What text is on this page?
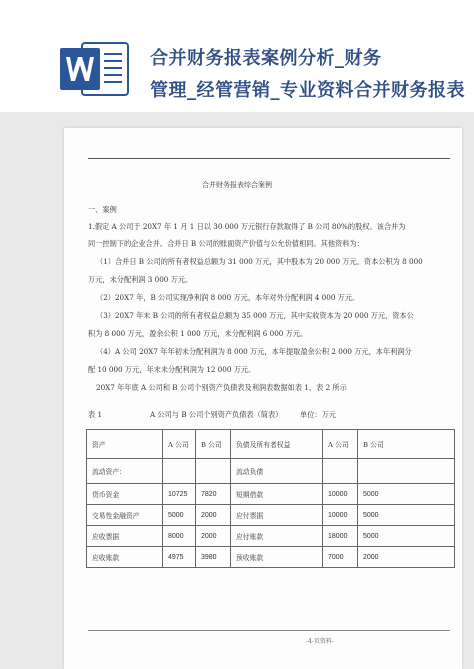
合并财务报表案例分析_财务
管理_经管营销_专业资料合并财务报表
合并财务报表综合案例
一、案例
1.假定 A 公司于 20X7 年 1 月 1 日以 30 000 万元银行存款取得了 B 公司 80%的股权。该合并为
同一控制下的企业合并。合并日 B 公司的账面资产价值与公允价值相同。其他资料为：
（1）合并日 B 公司的所有者权益总额为 31 000 万元，其中股本为 20 000 万元，资本公积为 8 000
万元，未分配利润 3 000 万元。
（2）20X7 年，B 公司实现净利润 8 000 万元，本年对外分配利润 4 000 万元。
（3）20X7 年末 B 公司的所有者权益总额为 35 000 万元，其中实收资本为 20 000 万元，资本公
积为 8 000 万元，盈余公积 1 000 万元，未分配利润 6 000 万元。
（4）A 公司 20X7 年年初未分配利润为 8 000 万元，本年提取盈余公积 2 000 万元，本年利润分
配 10 000 万元，年末未分配利润为 12 000 万元。
20X7 年年底 A 公司和 B 公司个别资产负债表及利润表数据如表 1、表 2 所示
表 1	A 公司与 B 公司个别资产负债表（简表） 单位：万元
资产	A 公司	B 公司	负债及所有者权益	A 公司	B 公司
流动资产：			流动负债		
货币资金	10725	7820	短期借款	10000	5000
交易性金融资产	5000	2000	应付票据	10000	5000
应收票据	8000	2000	应付账款	18000	5000
应收账款	4975	3980	预收账款	7000	2000
-4-页资料-
